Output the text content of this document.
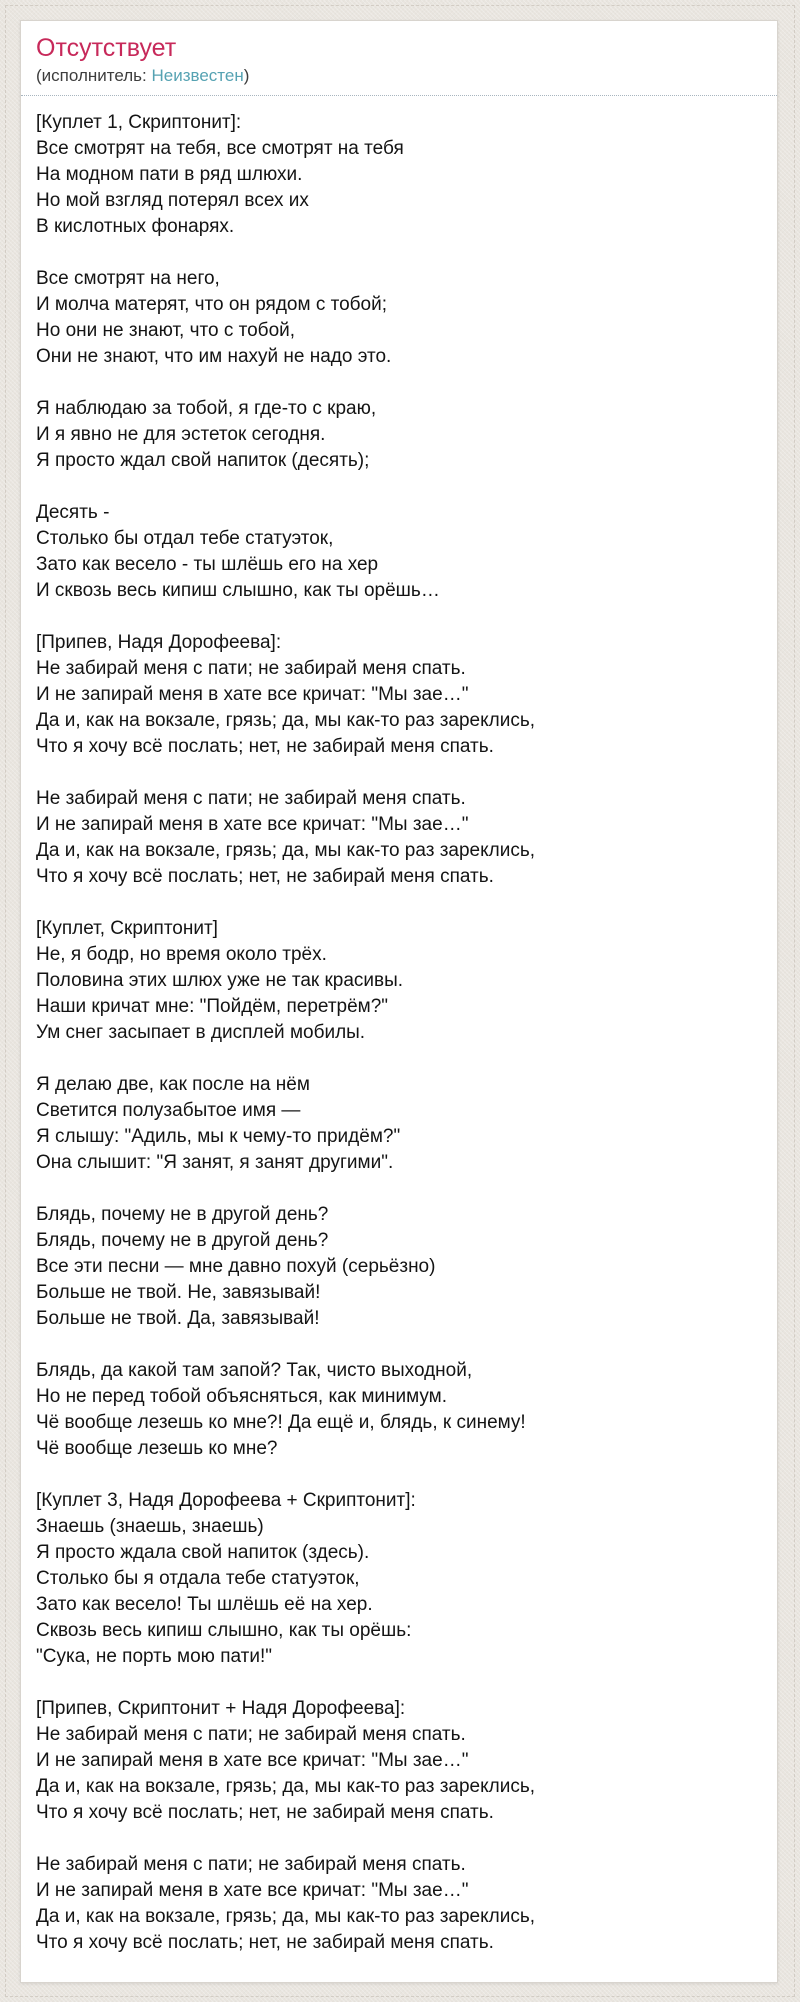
Отсутствует
(исполнитель: Неизвестен)

[Куплет 1, Скриптонит]:
Все смотрят на тебя, все смотрят на тебя
На модном пати в ряд шлюхи.
Но мой взгляд потерял всех их
В кислотных фонарях.

Все смотрят на него,
И молча матерят, что он рядом с тобой;
Но они не знают, что с тобой,
Они не знают, что им нахуй не надо это.

Я наблюдаю за тобой, я где-то с краю,
И я явно не для эстеток сегодня.
Я просто ждал свой напиток (десять);

Десять -
Столько бы отдал тебе статуэток,
Зато как весело - ты шлёшь его на хер
И сквозь весь кипиш слышно, как ты орёшь…

[Припев, Надя Дорофеева]:
Не забирай меня с пати; не забирай меня спать.
И не запирай меня в хате все кричат: "Мы зае…"
Да и, как на вокзале, грязь; да, мы как-то раз зареклись,
Что я хочу всё послать; нет, не забирай меня спать.

Не забирай меня с пати; не забирай меня спать.
И не запирай меня в хате все кричат: "Мы зае…"
Да и, как на вокзале, грязь; да, мы как-то раз зареклись,
Что я хочу всё послать; нет, не забирай меня спать.

[Куплет, Скриптонит]
Не, я бодр, но время около трёх.
Половина этих шлюх уже не так красивы.
Наши кричат мне: "Пойдём, перетрём?"
Ум снег засыпает в дисплей мобилы.

Я делаю две, как после на нём
Светится полузабытое имя —
Я слышу: "Адиль, мы к чему-то придём?"
Она слышит: "Я занят, я занят другими".

Блядь, почему не в другой день?
Блядь, почему не в другой день?
Все эти песни — мне давно похуй (серьёзно)
Больше не твой. Не, завязывай!
Больше не твой. Да, завязывай!

Блядь, да какой там запой? Так, чисто выходной,
Но не перед тобой объясняться, как минимум.
Чё вообще лезешь ко мне?! Да ещё и, блядь, к синему!
Чё вообще лезешь ко мне?

[Куплет 3, Надя Дорофеева + Скриптонит]:
Знаешь (знаешь, знаешь)
Я просто ждала свой напиток (здесь).
Столько бы я отдала тебе статуэток,
Зато как весело! Ты шлёшь её на хер.
Сквозь весь кипиш слышно, как ты орёшь:
"Сука, не порть мою пати!"

[Припев, Скриптонит + Надя Дорофеева]:
Не забирай меня с пати; не забирай меня спать.
И не запирай меня в хате все кричат: "Мы зае…"
Да и, как на вокзале, грязь; да, мы как-то раз зареклись,
Что я хочу всё послать; нет, не забирай меня спать.

Не забирай меня с пати; не забирай меня спать.
И не запирай меня в хате все кричат: "Мы зае…"
Да и, как на вокзале, грязь; да, мы как-то раз зареклись,
Что я хочу всё послать; нет, не забирай меня спать.
